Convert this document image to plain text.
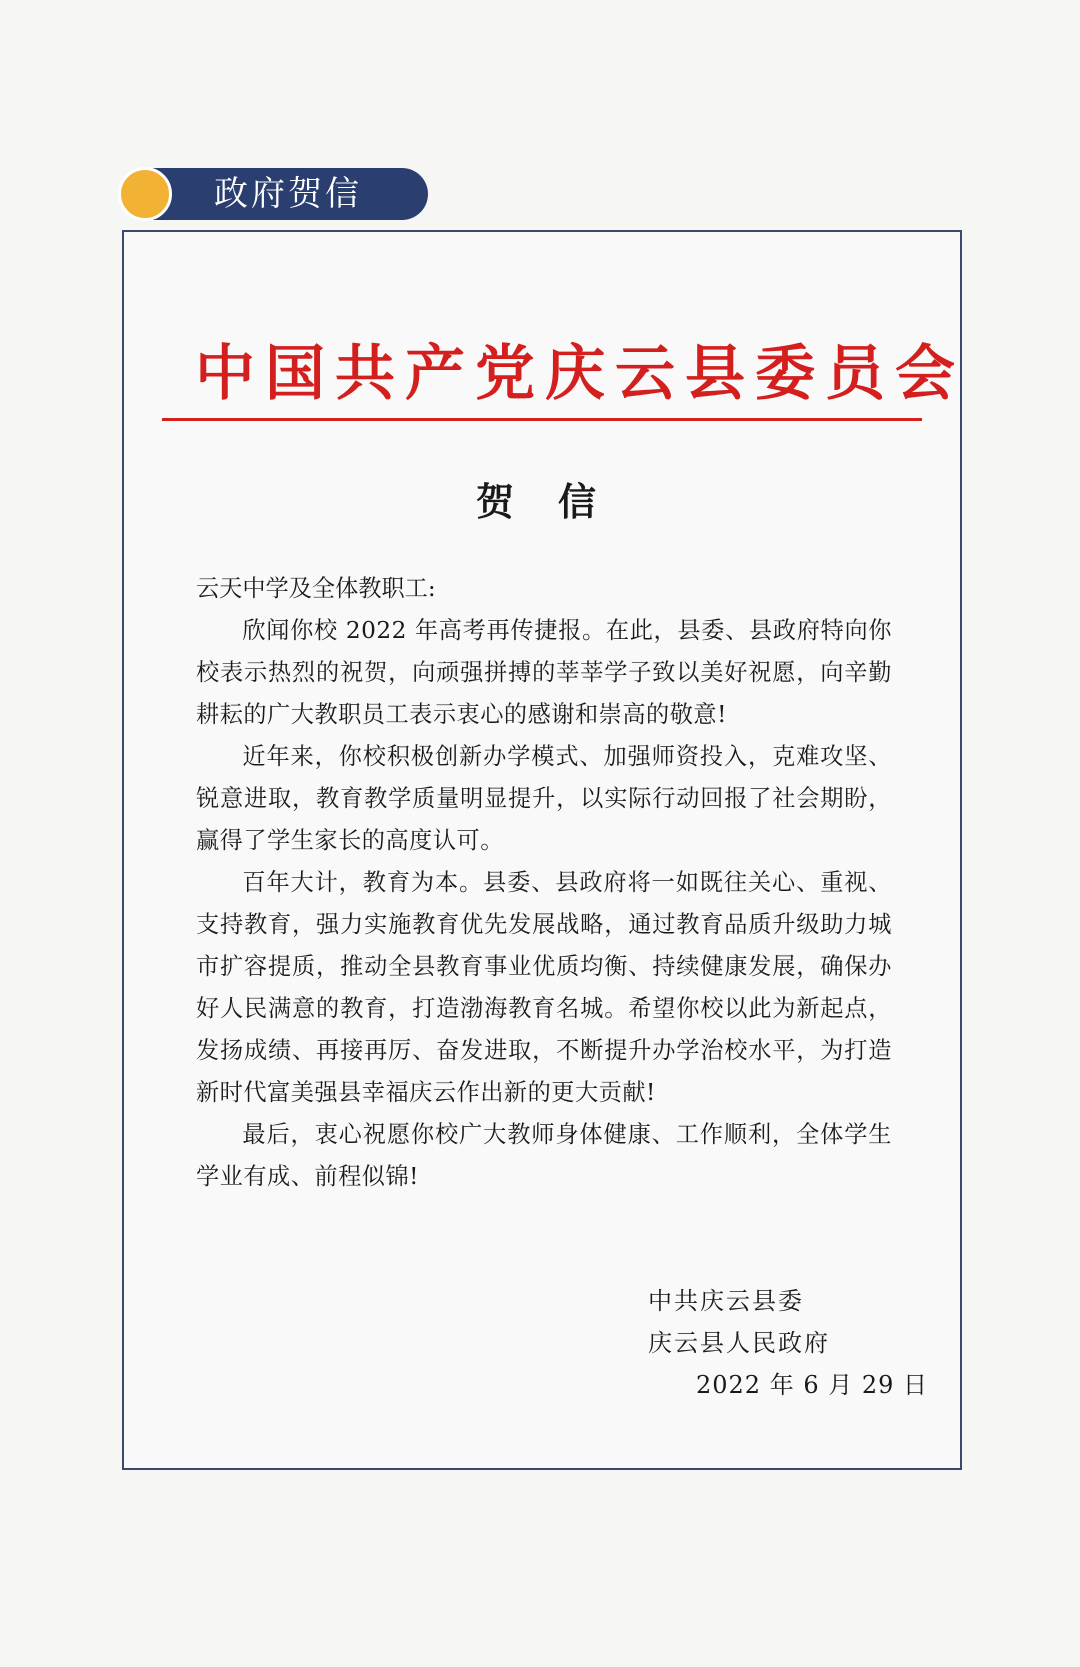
政府贺信
中国共产党庆云县委员会
贺信

云天中学及全体教职工:

欣闻你校 2022 年高考再传捷报。在此，县委、县政府特向你校表示热烈的祝贺，向顽强拼搏的莘莘学子致以美好祝愿，向辛勤耕耘的广大教职员工表示衷心的感谢和崇高的敬意!

近年来，你校积极创新办学模式、加强师资投入，克难攻坚、锐意进取，教育教学质量明显提升，以实际行动回报了社会期盼，赢得了学生家长的高度认可。

百年大计，教育为本。县委、县政府将一如既往关心、重视、支持教育，强力实施教育优先发展战略，通过教育品质升级助力城市扩容提质，推动全县教育事业优质均衡、持续健康发展，确保办好人民满意的教育，打造渤海教育名城。希望你校以此为新起点，发扬成绩、再接再厉、奋发进取，不断提升办学治校水平，为打造新时代富美强县幸福庆云作出新的更大贡献!

最后，衷心祝愿你校广大教师身体健康、工作顺利，全体学生学业有成、前程似锦!

中共庆云县委
庆云县人民政府
2022 年 6 月 29 日
